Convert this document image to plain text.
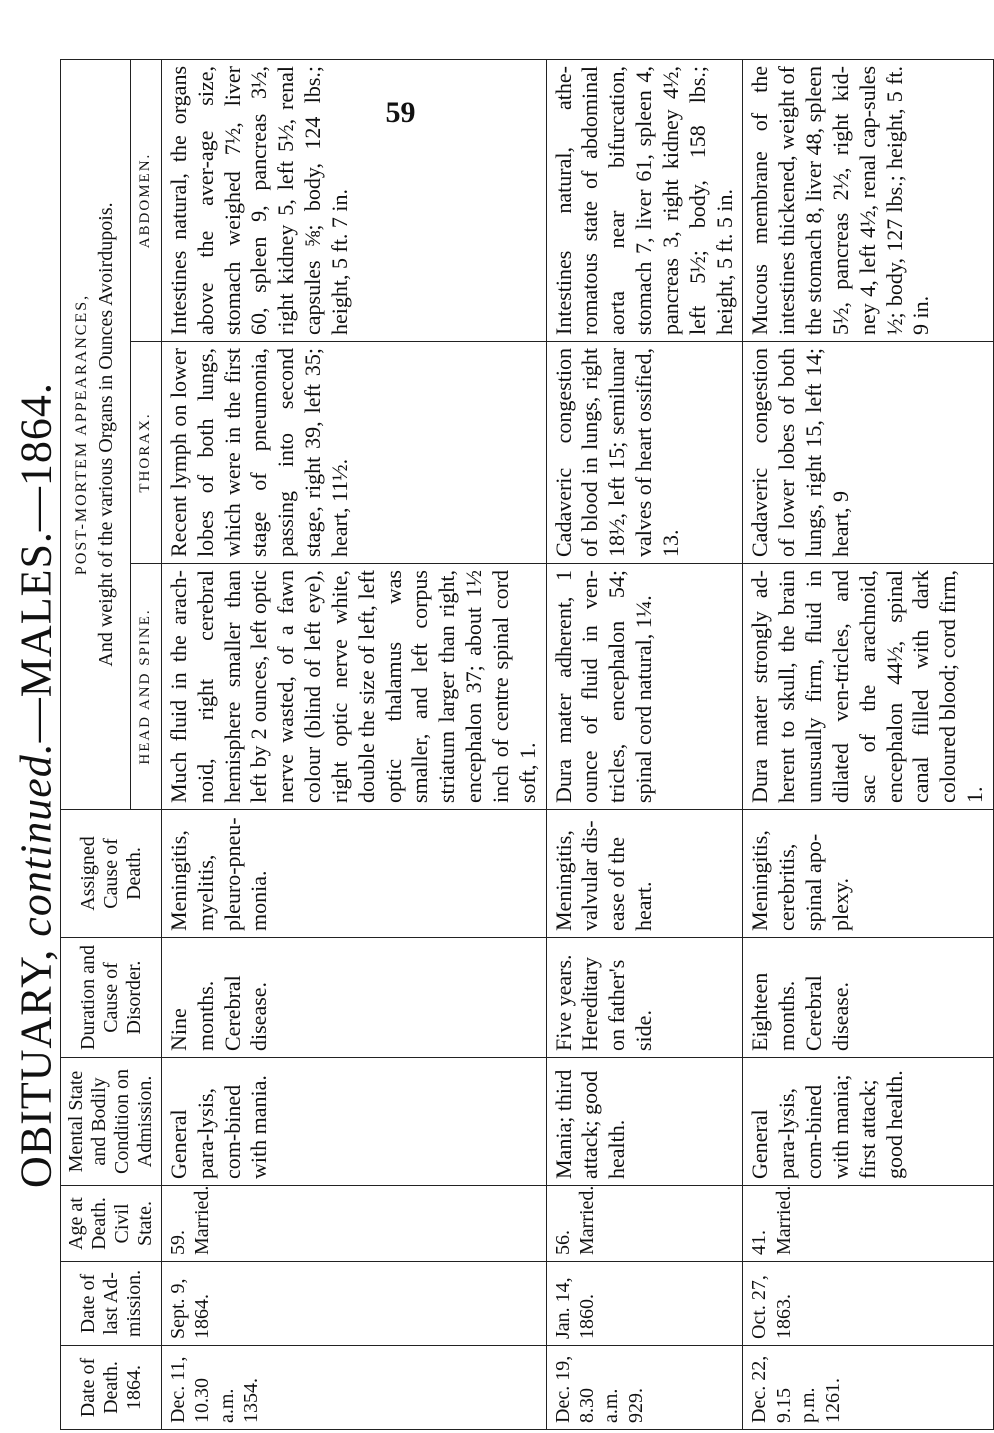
59
OBITUARY, continued.—MALES.—1864.
Date of Death. 1864.	Date of last Ad-mission.	Age at Death. Civil State.	Mental State and Bodily Condition on Admission.	Duration and Cause of Disorder.	Assigned Cause of Death.	POST-MORTEM APPEARANCES, And weight of the various Organs in Ounces Avoirdupois.		

						HEAD AND SPINE.	THORAX.	ABDOMEN.
Dec. 11, 10.30 a.m. 1354.	Sept. 9, 1864.	59. Married.	General para-lysis, com-bined with mania.	Nine months. Cerebral disease.	Meningitis, myelitis, pleuro-pneu-monia.	Much fluid in the arach-noid, right cerebral hemisphere smaller than left by 2 ounces, left optic nerve wasted, of a fawn colour (blind of left eye), right optic nerve white, double the size of left, left optic thalamus was smaller, and left corpus striatum larger than right, encephalon 37; about 1½ inch of centre spinal cord soft, 1.	Recent lymph on lower lobes of both lungs, which were in the first stage of pneumonia, passing into second stage, right 39, left 35; heart, 11½.	Intestines natural, the organs above the aver-age size, stomach weighed 7½, liver 60, spleen 9, pancreas 3½, right kidney 5, left 5½, renal capsules ⅝; body, 124 lbs.; height, 5 ft. 7 in.
Dec. 19, 8.30 a.m. 929.	Jan. 14, 1860.	56. Married.	Mania; third attack; good health.	Five years. Hereditary on father's side.	Meningitis, valvular dis-ease of the heart.	Dura mater adherent, 1 ounce of fluid in ven-tricles, encephalon 54; spinal cord natural, 1¼.	Cadaveric congestion of blood in lungs, right 18½, left 15; semilunar valves of heart ossified, 13.	Intestines natural, athe-romatous state of abdominal aorta near bifurcation, stomach 7, liver 61, spleen 4, pancreas 3, right kidney 4½, left 5½; body, 158 lbs.; height, 5 ft. 5 in.
Dec. 22, 9.15 p.m. 1261.	Oct. 27, 1863.	41. Married.	General para-lysis, com-bined with mania; first attack; good health.	Eighteen months. Cerebral disease.	Meningitis, cerebritis, spinal apo-plexy.	Dura mater strongly ad-herent to skull, the brain unusually firm, fluid in dilated ven-tricles, and sac of the arachnoid, encephalon 44½, spinal canal filled with dark coloured blood; cord firm, 1.	Cadaveric congestion of lower lobes of both lungs, right 15, left 14; heart, 9	Mucous membrane of the intestines thickened, weight of the stomach 8, liver 48, spleen 5½, pancreas 2½, right kid-ney 4, left 4½, renal cap-sules ½; body, 127 lbs.; height, 5 ft. 9 in.
